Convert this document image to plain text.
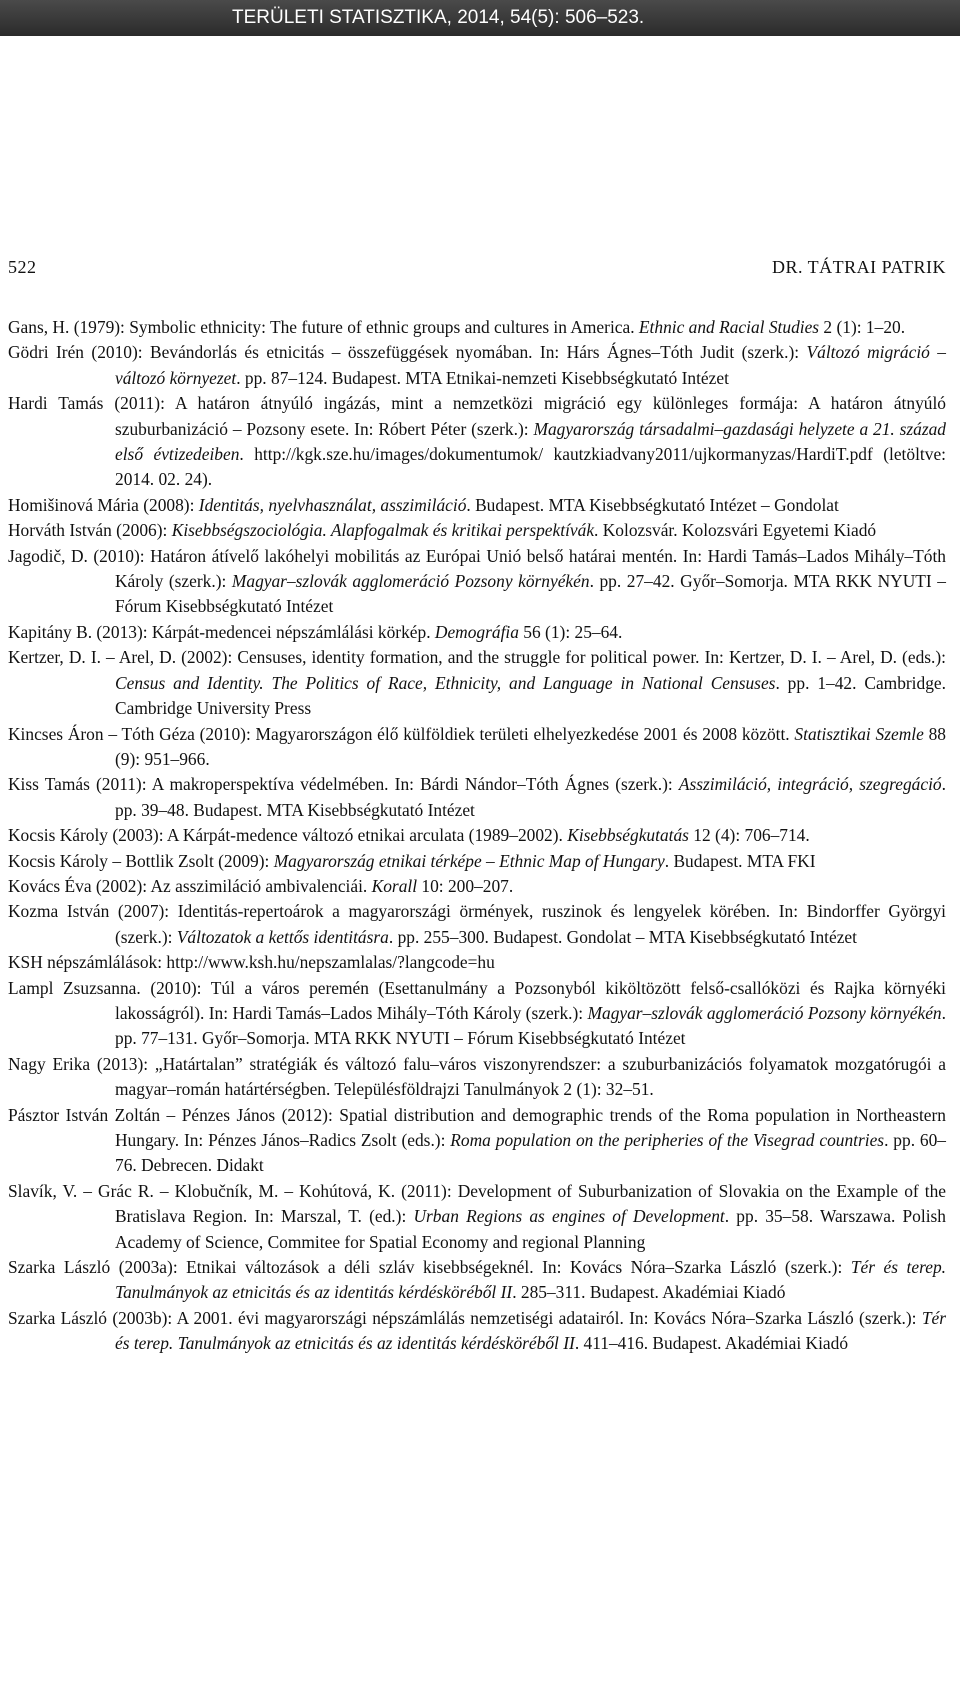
TERÜLETI STATISZTIKA, 2014, 54(5): 506–523.
522	DR. TÁTRAI PATRIK

Gans, H. (1979): Symbolic ethnicity: The future of ethnic groups and cultures in America. Ethnic and Racial Studies 2 (1): 1–20.

Gödri Irén (2010): Bevándorlás és etnicitás – összefüggések nyomában. In: Hárs Ágnes–Tóth Judit (szerk.): Változó migráció – változó környezet. pp. 87–124. Budapest. MTA Etnikai-nemzeti Kisebbségkutató Intézet

Hardi Tamás (2011): A határon átnyúló ingázás, mint a nemzetközi migráció egy különleges formája: A határon átnyúló szuburbanizáció – Pozsony esete. In: Róbert Péter (szerk.): Magyarország társadalmi–gazdasági helyzete a 21. század első évtizedeiben. http://kgk.sze.hu/images/dokumentumok/ kautzkiadvany2011/ujkormanyzas/HardiT.pdf (letöltve: 2014. 02. 24).

Homišinová Mária (2008): Identitás, nyelvhasználat, asszimiláció. Budapest. MTA Kisebbségkutató Intézet – Gondolat

Horváth István (2006): Kisebbségszociológia. Alapfogalmak és kritikai perspektívák. Kolozsvár. Kolozsvári Egyetemi Kiadó

Jagodič, D. (2010): Határon átívelő lakóhelyi mobilitás az Európai Unió belső határai mentén. In: Hardi Tamás–Lados Mihály–Tóth Károly (szerk.): Magyar–szlovák agglomeráció Pozsony környékén. pp. 27–42. Győr–Somorja. MTA RKK NYUTI – Fórum Kisebbségkutató Intézet

Kapitány B. (2013): Kárpát-medencei népszámlálási körkép. Demográfia 56 (1): 25–64.

Kertzer, D. I. – Arel, D. (2002): Censuses, identity formation, and the struggle for political power. In: Kertzer, D. I. – Arel, D. (eds.): Census and Identity. The Politics of Race, Ethnicity, and Language in National Censuses. pp. 1–42. Cambridge. Cambridge University Press

Kincses Áron – Tóth Géza (2010): Magyarországon élő külföldiek területi elhelyezkedése 2001 és 2008 között. Statisztikai Szemle 88 (9): 951–966.

Kiss Tamás (2011): A makroperspektíva védelmében. In: Bárdi Nándor–Tóth Ágnes (szerk.): Asszimiláció, integráció, szegregáció. pp. 39–48. Budapest. MTA Kisebbségkutató Intézet

Kocsis Károly (2003): A Kárpát-medence változó etnikai arculata (1989–2002). Kisebbségkutatás 12 (4): 706–714.

Kocsis Károly – Bottlik Zsolt (2009): Magyarország etnikai térképe – Ethnic Map of Hungary. Budapest. MTA FKI

Kovács Éva (2002): Az asszimiláció ambivalenciái. Korall 10: 200–207.

Kozma István (2007): Identitás-repertoárok a magyarországi örmények, ruszinok és lengyelek körében. In: Bindorffer Györgyi (szerk.): Változatok a kettős identitásra. pp. 255–300. Budapest. Gondolat – MTA Kisebbségkutató Intézet

KSH népszámlálások: http://www.ksh.hu/nepszamlalas/?langcode=hu

Lampl Zsuzsanna. (2010): Túl a város peremén (Esettanulmány a Pozsonyból kiköltözött felső-csallóközi és Rajka környéki lakosságról). In: Hardi Tamás–Lados Mihály–Tóth Károly (szerk.): Magyar–szlovák agglomeráció Pozsony környékén. pp. 77–131. Győr–Somorja. MTA RKK NYUTI – Fórum Kisebbségkutató Intézet

Nagy Erika (2013): „Határtalan” stratégiák és változó falu–város viszonyrendszer: a szuburbanizációs folyamatok mozgatórugói a magyar–román határtérségben. Településföldrajzi Tanulmányok 2 (1): 32–51.

Pásztor István Zoltán – Pénzes János (2012): Spatial distribution and demographic trends of the Roma population in Northeastern Hungary. In: Pénzes János–Radics Zsolt (eds.): Roma population on the peripheries of the Visegrad countries. pp. 60–76. Debrecen. Didakt

Slavík, V. – Grác R. – Klobučník, M. – Kohútová, K. (2011): Development of Suburbanization of Slovakia on the Example of the Bratislava Region. In: Marszal, T. (ed.): Urban Regions as engines of Development. pp. 35–58. Warszawa. Polish Academy of Science, Commitee for Spatial Economy and regional Planning

Szarka László (2003a): Etnikai változások a déli szláv kisebbségeknél. In: Kovács Nóra–Szarka László (szerk.): Tér és terep. Tanulmányok az etnicitás és az identitás kérdésköréből II. 285–311. Budapest. Akadémiai Kiadó

Szarka László (2003b): A 2001. évi magyarországi népszámlálás nemzetiségi adatairól. In: Kovács Nóra–Szarka László (szerk.): Tér és terep. Tanulmányok az etnicitás és az identitás kérdésköréből II. 411–416. Budapest. Akadémiai Kiadó
